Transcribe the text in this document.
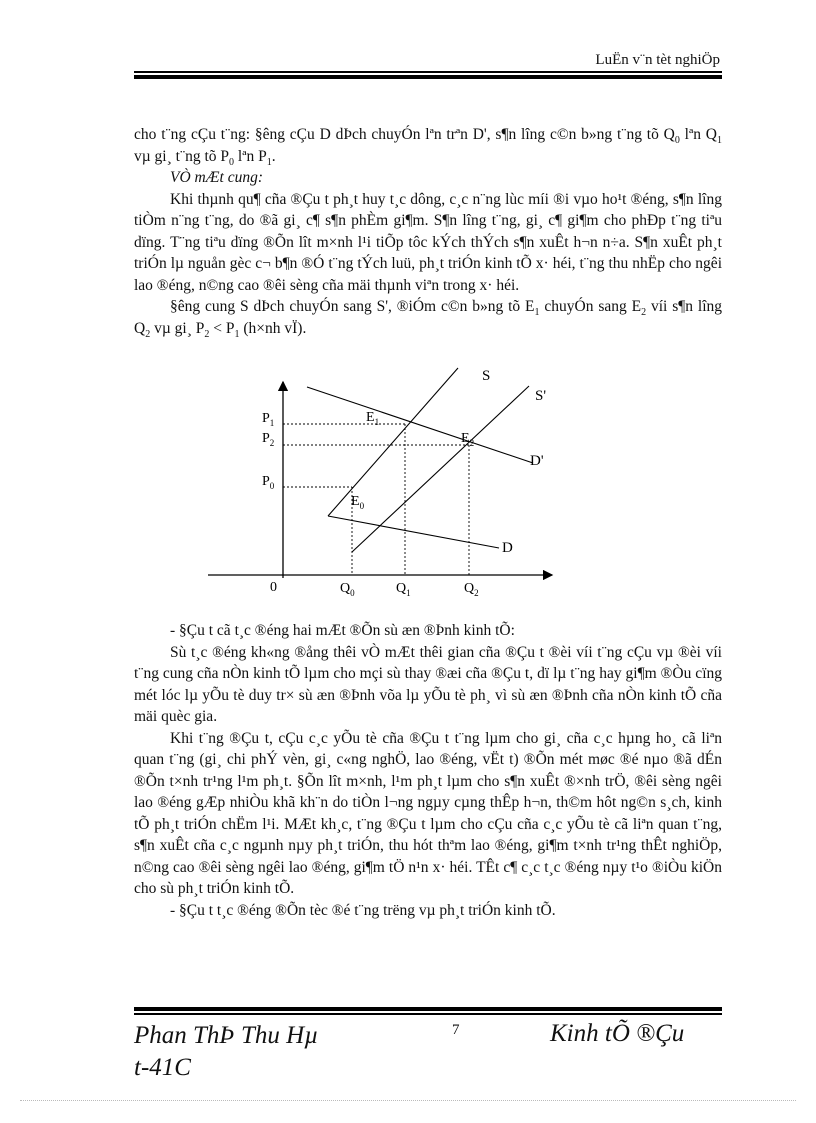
LuËn v¨n tèt nghiÖp

cho t¨ng cÇu t¨ng: §êng cÇu D dÞch chuyÓn lªn trªn D', s¶n lîng c©n b»ng t¨ng tõ $Q_0$ lªn $Q_1$ vµ gi¸ t¨ng tõ $P_0$ lªn $P_1$.

VÒ mÆt cung:

Khi thµnh qu¶ cña ®Çu t ph¸t huy t¸c dông, c¸c n¨ng lùc míi ®i vµo ho¹t ®éng, s¶n lîng tiÒm n¨ng t¨ng, do ®ã gi¸ c¶ s¶n phÈm gi¶m. S¶n lîng t¨ng, gi¸ c¶ gi¶m cho phÐp t¨ng tiªu dïng. T¨ng tiªu dïng ®Õn lît m×nh l¹i tiÕp tôc kÝch thÝch s¶n xuÊt h¬n n÷a. S¶n xuÊt ph¸t triÓn lµ nguån gèc c¬ b¶n ®Ó t¨ng tÝch luü, ph¸t triÓn kinh tÕ x· héi, t¨ng thu nhËp cho ngêi lao ®éng, n©ng cao ®êi sèng cña mäi thµnh viªn trong x· héi.

§êng cung S dÞch chuyÓn sang S', ®iÓm c©n b»ng tõ $E_1$ chuyÓn sang $E_2$ víi s¶n lîng $Q_2$ vµ gi¸ $P_2 < P_1$ (h×nh vÏ).

S
S'
D'
D
$P_1$
$P_2$
$P_0$
$E_1$
$E_2$
$E_0$
0	$Q_0$	$Q_1$	$Q_2$

- §Çu t cã t¸c ®éng hai mÆt ®Õn sù æn ®Þnh kinh tÕ:

Sù t¸c ®éng kh«ng ®ång thêi vÒ mÆt thêi gian cña ®Çu t ®èi víi t¨ng cÇu vµ ®èi víi t¨ng cung cña nÒn kinh tÕ lµm cho mçi sù thay ®æi cña ®Çu t, dï lµ t¨ng hay gi¶m ®Òu cïng mét lóc lµ yÕu tè duy tr× sù æn ®Þnh võa lµ yÕu tè ph¸ vì sù æn ®Þnh cña nÒn kinh tÕ cña mäi quèc gia.

Khi t¨ng ®Çu t, cÇu c¸c yÕu tè cña ®Çu t t¨ng lµm cho gi¸ cña c¸c hµng ho¸ cã liªn quan t¨ng (gi¸ chi phÝ vèn, gi¸ c«ng nghÖ, lao ®éng, vËt t) ®Õn mét møc ®é nµo ®ã dÉn ®Õn t×nh tr¹ng l¹m ph¸t. §Õn lît m×nh, l¹m ph¸t lµm cho s¶n xuÊt ®×nh trÖ, ®êi sèng ngêi lao ®éng gÆp nhiÒu khã kh¨n do tiÒn l¬ng ngµy cµng thÊp h¬n, th©m hôt ng©n s¸ch, kinh tÕ ph¸t triÓn chËm l¹i. MÆt kh¸c, t¨ng ®Çu t lµm cho cÇu cña c¸c yÕu tè cã liªn quan t¨ng, s¶n xuÊt cña c¸c ngµnh nµy ph¸t triÓn, thu hót thªm lao ®éng, gi¶m t×nh tr¹ng thÊt nghiÖp, n©ng cao ®êi sèng ngêi lao ®éng, gi¶m tÖ n¹n x· héi. TÊt c¶ c¸c t¸c ®éng nµy t¹o ®iÒu kiÖn cho sù ph¸t triÓn kinh tÕ.

- §Çu t t¸c ®éng ®Õn tèc ®é t¨ng trëng vµ ph¸t triÓn kinh tÕ.

Phan ThÞ Thu Hµ
t-41C
7	Kinh tÕ ®Çu
